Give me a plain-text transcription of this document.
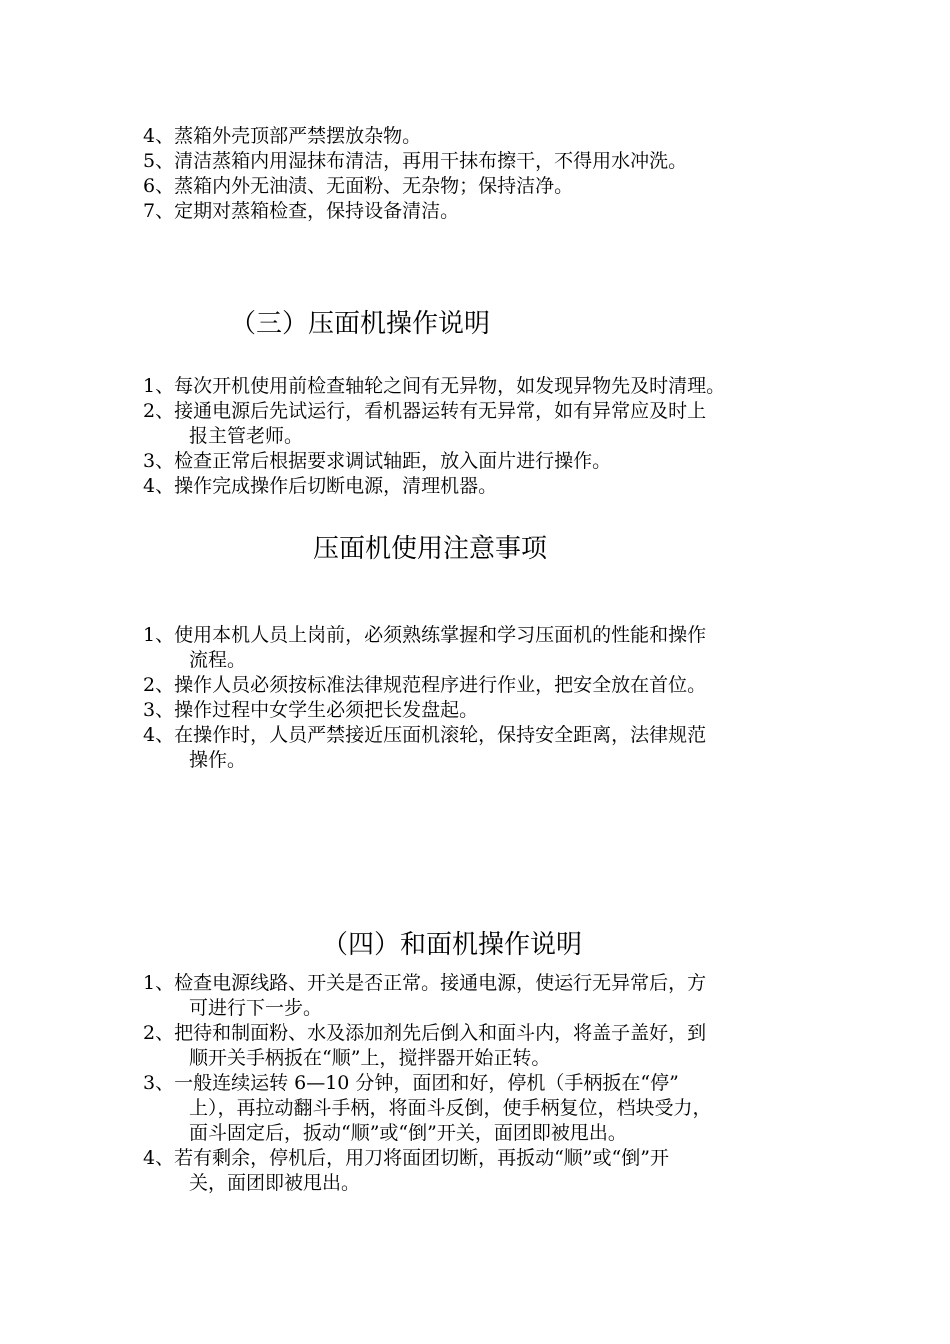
4、蒸箱外壳顶部严禁摆放杂物。
5、清洁蒸箱内用湿抹布清洁，再用干抹布擦干，不得用水冲洗。
6、蒸箱内外无油渍、无面粉、无杂物；保持洁净。
7、定期对蒸箱检查，保持设备清洁。
（三）压面机操作说明
1、每次开机使用前检查轴轮之间有无异物，如发现异物先及时清理。
2、接通电源后先试运行，看机器运转有无异常，如有异常应及时上
报主管老师。
3、检查正常后根据要求调试轴距，放入面片进行操作。
4、操作完成操作后切断电源，清理机器。
压面机使用注意事项
1、使用本机人员上岗前，必须熟练掌握和学习压面机的性能和操作
流程。
2、操作人员必须按标准法律规范程序进行作业，把安全放在首位。
3、操作过程中女学生必须把长发盘起。
4、在操作时，人员严禁接近压面机滚轮，保持安全距离，法律规范
操作。
（四）和面机操作说明
1、检查电源线路、开关是否正常。接通电源，使运行无异常后，方
可进行下一步。
2、把待和制面粉、水及添加剂先后倒入和面斗内，将盖子盖好，到
顺开关手柄扳在“顺”上，搅拌器开始正转。
3、一般连续运转 6—10 分钟，面团和好，停机（手柄扳在“停”
上），再拉动翻斗手柄，将面斗反倒，使手柄复位，档块受力，
面斗固定后，扳动“顺”或“倒”开关，面团即被甩出。
4、若有剩余，停机后，用刀将面团切断，再扳动“顺”或“倒”开
关，面团即被甩出。
